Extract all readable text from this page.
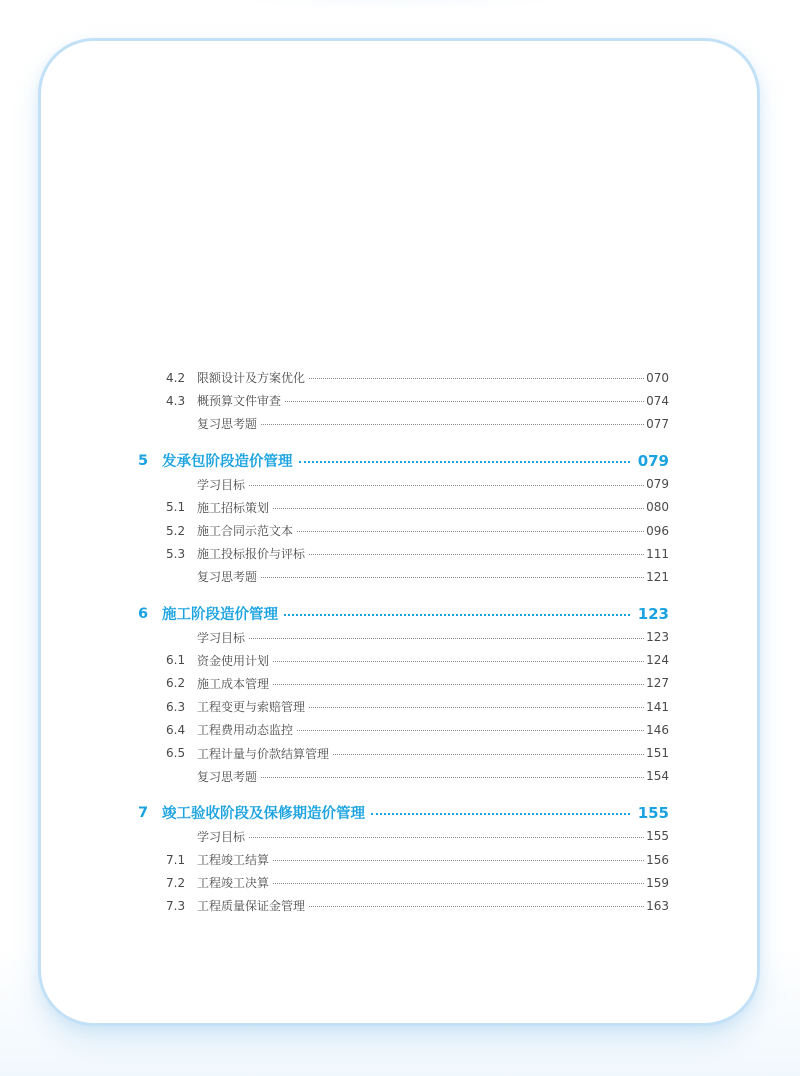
4.2 限额设计及方案优化	070
4.3 概预算文件审查	074
复习思考题	077
5 发承包阶段造价管理	079
学习目标	079
5.1 施工招标策划	080
5.2 施工合同示范文本	096
5.3 施工投标报价与评标	111
复习思考题	121
6 施工阶段造价管理	123
学习目标	123
6.1 资金使用计划	124
6.2 施工成本管理	127
6.3 工程变更与索赔管理	141
6.4 工程费用动态监控	146
6.5 工程计量与价款结算管理	151
复习思考题	154
7 竣工验收阶段及保修期造价管理	155
学习目标	155
7.1 工程竣工结算	156
7.2 工程竣工决算	159
7.3 工程质量保证金管理	163
